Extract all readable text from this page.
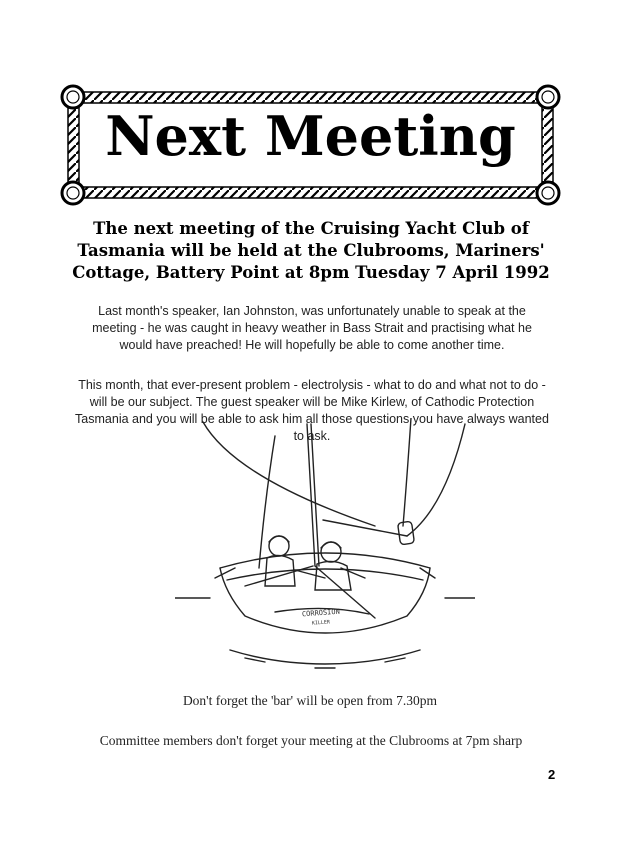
Next Meeting

The next meeting of the Cruising Yacht Club of Tasmania will be held at the Clubrooms, Mariners' Cottage, Battery Point at 8pm Tuesday 7 April 1992

Last month's speaker, Ian Johnston, was unfortunately unable to speak at the meeting - he was caught in heavy weather in Bass Strait and practising what he would have preached! He will hopefully be able to come another time.

This month, that ever-present problem - electrolysis - what to do and what not to do - will be our subject. The guest speaker will be Mike Kirlew, of Cathodic Protection Tasmania and you will be able to ask him all those questions you have always wanted to ask.

CORROSION
KILLER

Don't forget the 'bar' will be open from 7.30pm

Committee members don't forget your meeting at the Clubrooms at 7pm sharp

2
